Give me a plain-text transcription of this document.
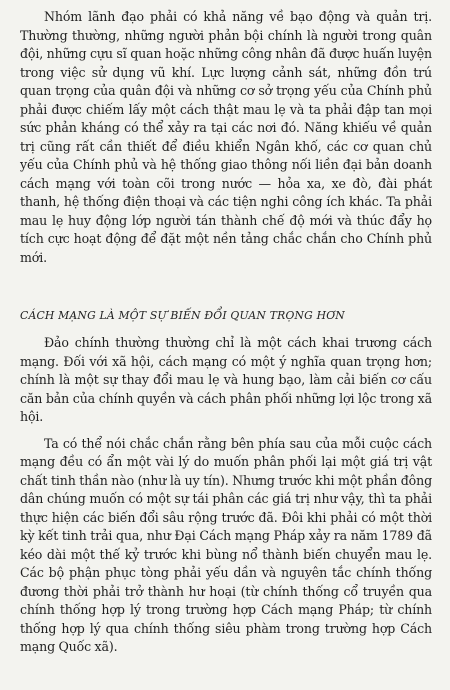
Nhóm lãnh đạo phải có khả năng về bạo động và quản trị. Thường thường, những người phản bội chính là người trong quân đội, những cựu sĩ quan hoặc những công nhân đã được huấn luyện trong việc sử dụng vũ khí. Lực lượng cảnh sát, những đồn trú quan trọng của quân đội và những cơ sở trọng yếu của Chính phủ phải được chiếm lấy một cách thật mau lẹ và ta phải đập tan mọi sức phản kháng có thể xảy ra tại các nơi đó. Năng khiếu về quản trị cũng rất cần thiết để điều khiển Ngân khố, các cơ quan chủ yếu của Chính phủ và hệ thống giao thông nối liền đại bản doanh cách mạng với toàn cõi trong nước — hỏa xa, xe đò, đài phát thanh, hệ thống điện thoại và các tiện nghi công ích khác. Ta phải mau lẹ huy động lớp người tán thành chế độ mới và thúc đẩy họ tích cực hoạt động để đặt một nền tảng chắc chắn cho Chính phủ mới.

CÁCH MẠNG LÀ MỘT SỰ BIẾN ĐỔI QUAN TRỌNG HƠN

Đảo chính thường thường chỉ là một cách khai trương cách mạng. Đối với xã hội, cách mạng có một ý nghĩa quan trọng hơn; chính là một sự thay đổi mau lẹ và hung bạo, làm cải biến cơ cấu căn bản của chính quyền và cách phân phối những lợi lộc trong xã hội.

Ta có thể nói chắc chắn rằng bên phía sau của mỗi cuộc cách mạng đều có ẩn một vài lý do muốn phân phối lại một giá trị vật chất tinh thần nào (như là uy tín). Nhưng trước khi một phần đông dân chúng muốn có một sự tái phân các giá trị như vậy, thì ta phải thực hiện các biến đổi sâu rộng trước đã. Đôi khi phải có một thời kỳ kết tinh trải qua, như Đại Cách mạng Pháp xảy ra năm 1789 đã kéo dài một thế kỷ trước khi bùng nổ thành biến chuyển mau lẹ. Các bộ phận phục tòng phải yếu dần và nguyên tắc chính thống đương thời phải trở thành hư hoại (từ chính thống cổ truyền qua chính thống hợp lý trong trường hợp Cách mạng Pháp; từ chính thống hợp lý qua chính thống siêu phàm trong trường hợp Cách mạng Quốc xã).
